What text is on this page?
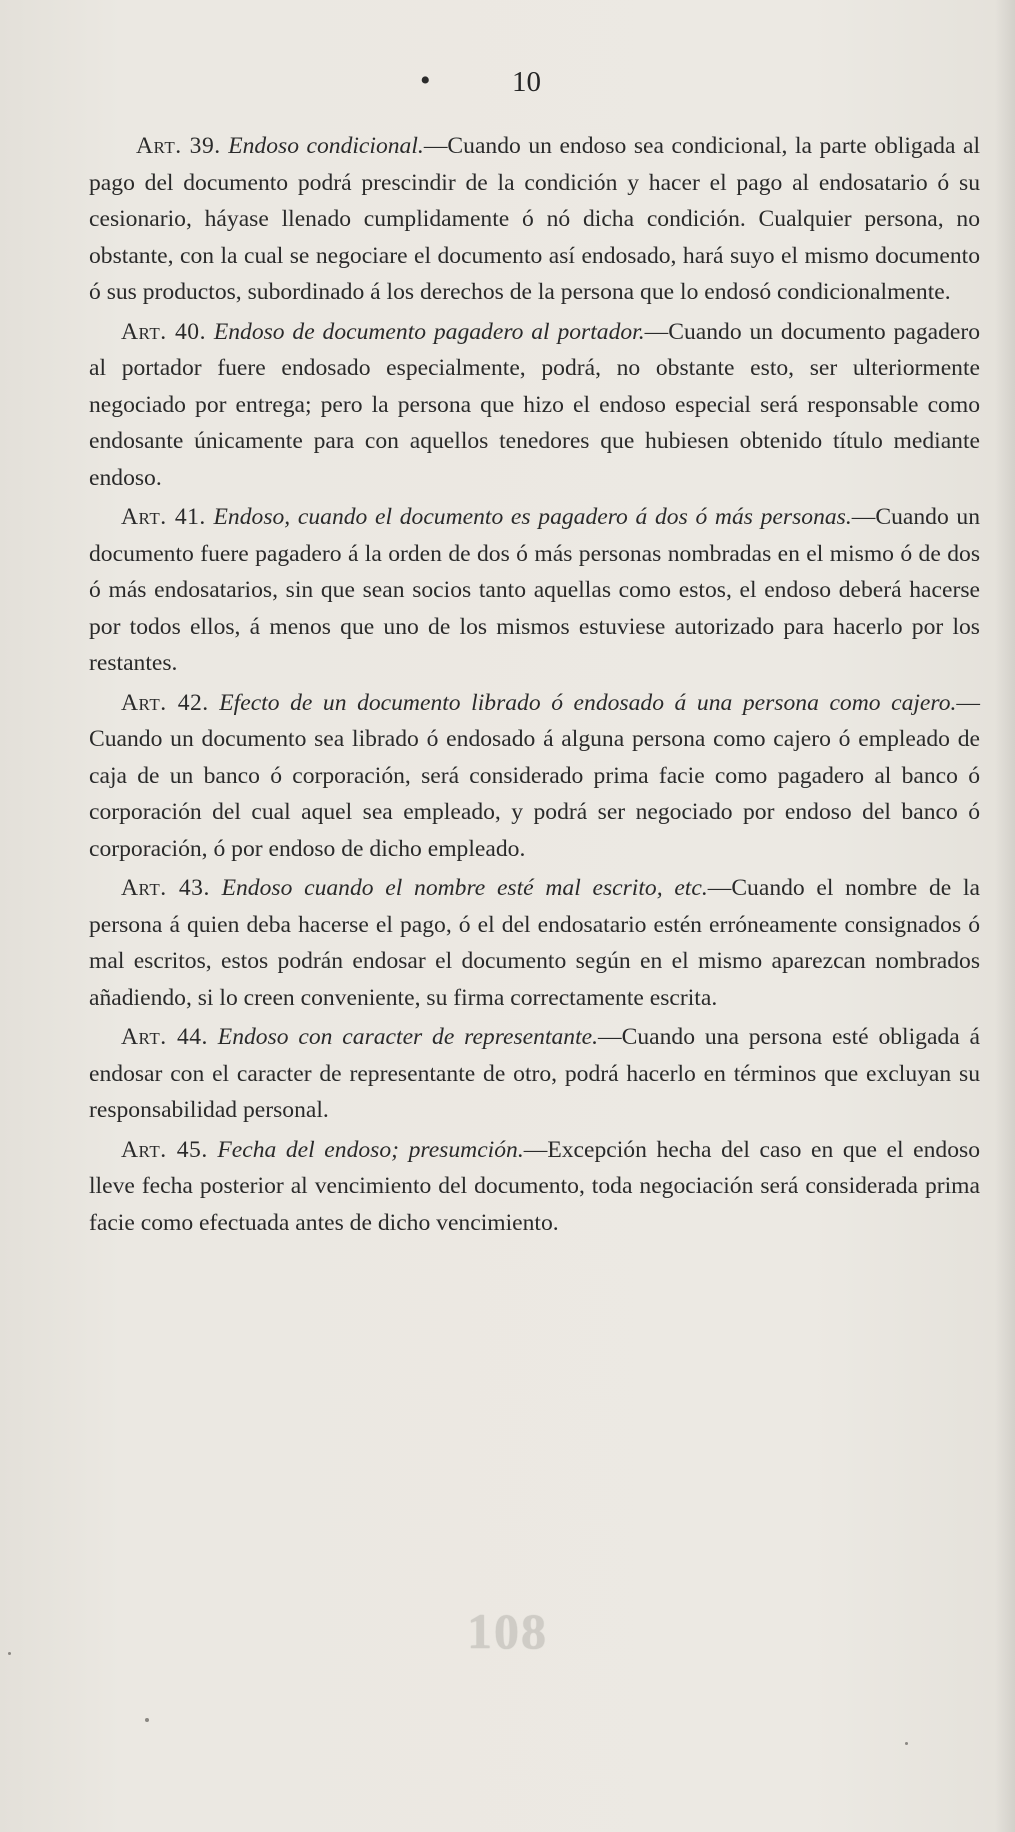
•	10

Art. 39. Endoso condicional.—Cuando un endoso sea condicional, la parte obligada al pago del documento podrá prescindir de la condición y hacer el pago al endosatario ó su cesionario, háyase llenado cumplidamente ó nó dicha condición. Cualquier persona, no obstante, con la cual se negociare el documento así endosado, hará suyo el mismo documento ó sus productos, subordinado á los derechos de la persona que lo endosó condicionalmente.

Art. 40. Endoso de documento pagadero al portador.—Cuando un documento pagadero al portador fuere endosado especialmente, podrá, no obstante esto, ser ulteriormente negociado por entrega; pero la persona que hizo el endoso especial será responsable como endosante únicamente para con aquellos tenedores que hubiesen obtenido título mediante endoso.

Art. 41. Endoso, cuando el documento es pagadero á dos ó más personas.—Cuando un documento fuere pagadero á la orden de dos ó más personas nombradas en el mismo ó de dos ó más endosatarios, sin que sean socios tanto aquellas como estos, el endoso deberá hacerse por todos ellos, á menos que uno de los mismos estuviese autorizado para hacerlo por los restantes.

Art. 42. Efecto de un documento librado ó endosado á una persona como cajero.—Cuando un documento sea librado ó endosado á alguna persona como cajero ó empleado de caja de un banco ó corporación, será considerado prima facie como pagadero al banco ó corporación del cual aquel sea empleado, y podrá ser negociado por endoso del banco ó corporación, ó por endoso de dicho empleado.

Art. 43. Endoso cuando el nombre esté mal escrito, etc.—Cuando el nombre de la persona á quien deba hacerse el pago, ó el del endosatario estén erróneamente consignados ó mal escritos, estos podrán endosar el documento según en el mismo aparezcan nombrados añadiendo, si lo creen conveniente, su firma correctamente escrita.

Art. 44. Endoso con caracter de representante.—Cuando una persona esté obligada á endosar con el caracter de representante de otro, podrá hacerlo en términos que excluyan su responsabilidad personal.

Art. 45. Fecha del endoso; presumción.—Excepción hecha del caso en que el endoso lleve fecha posterior al vencimiento del documento, toda negociación será considerada prima facie como efectuada antes de dicho vencimiento.

108
